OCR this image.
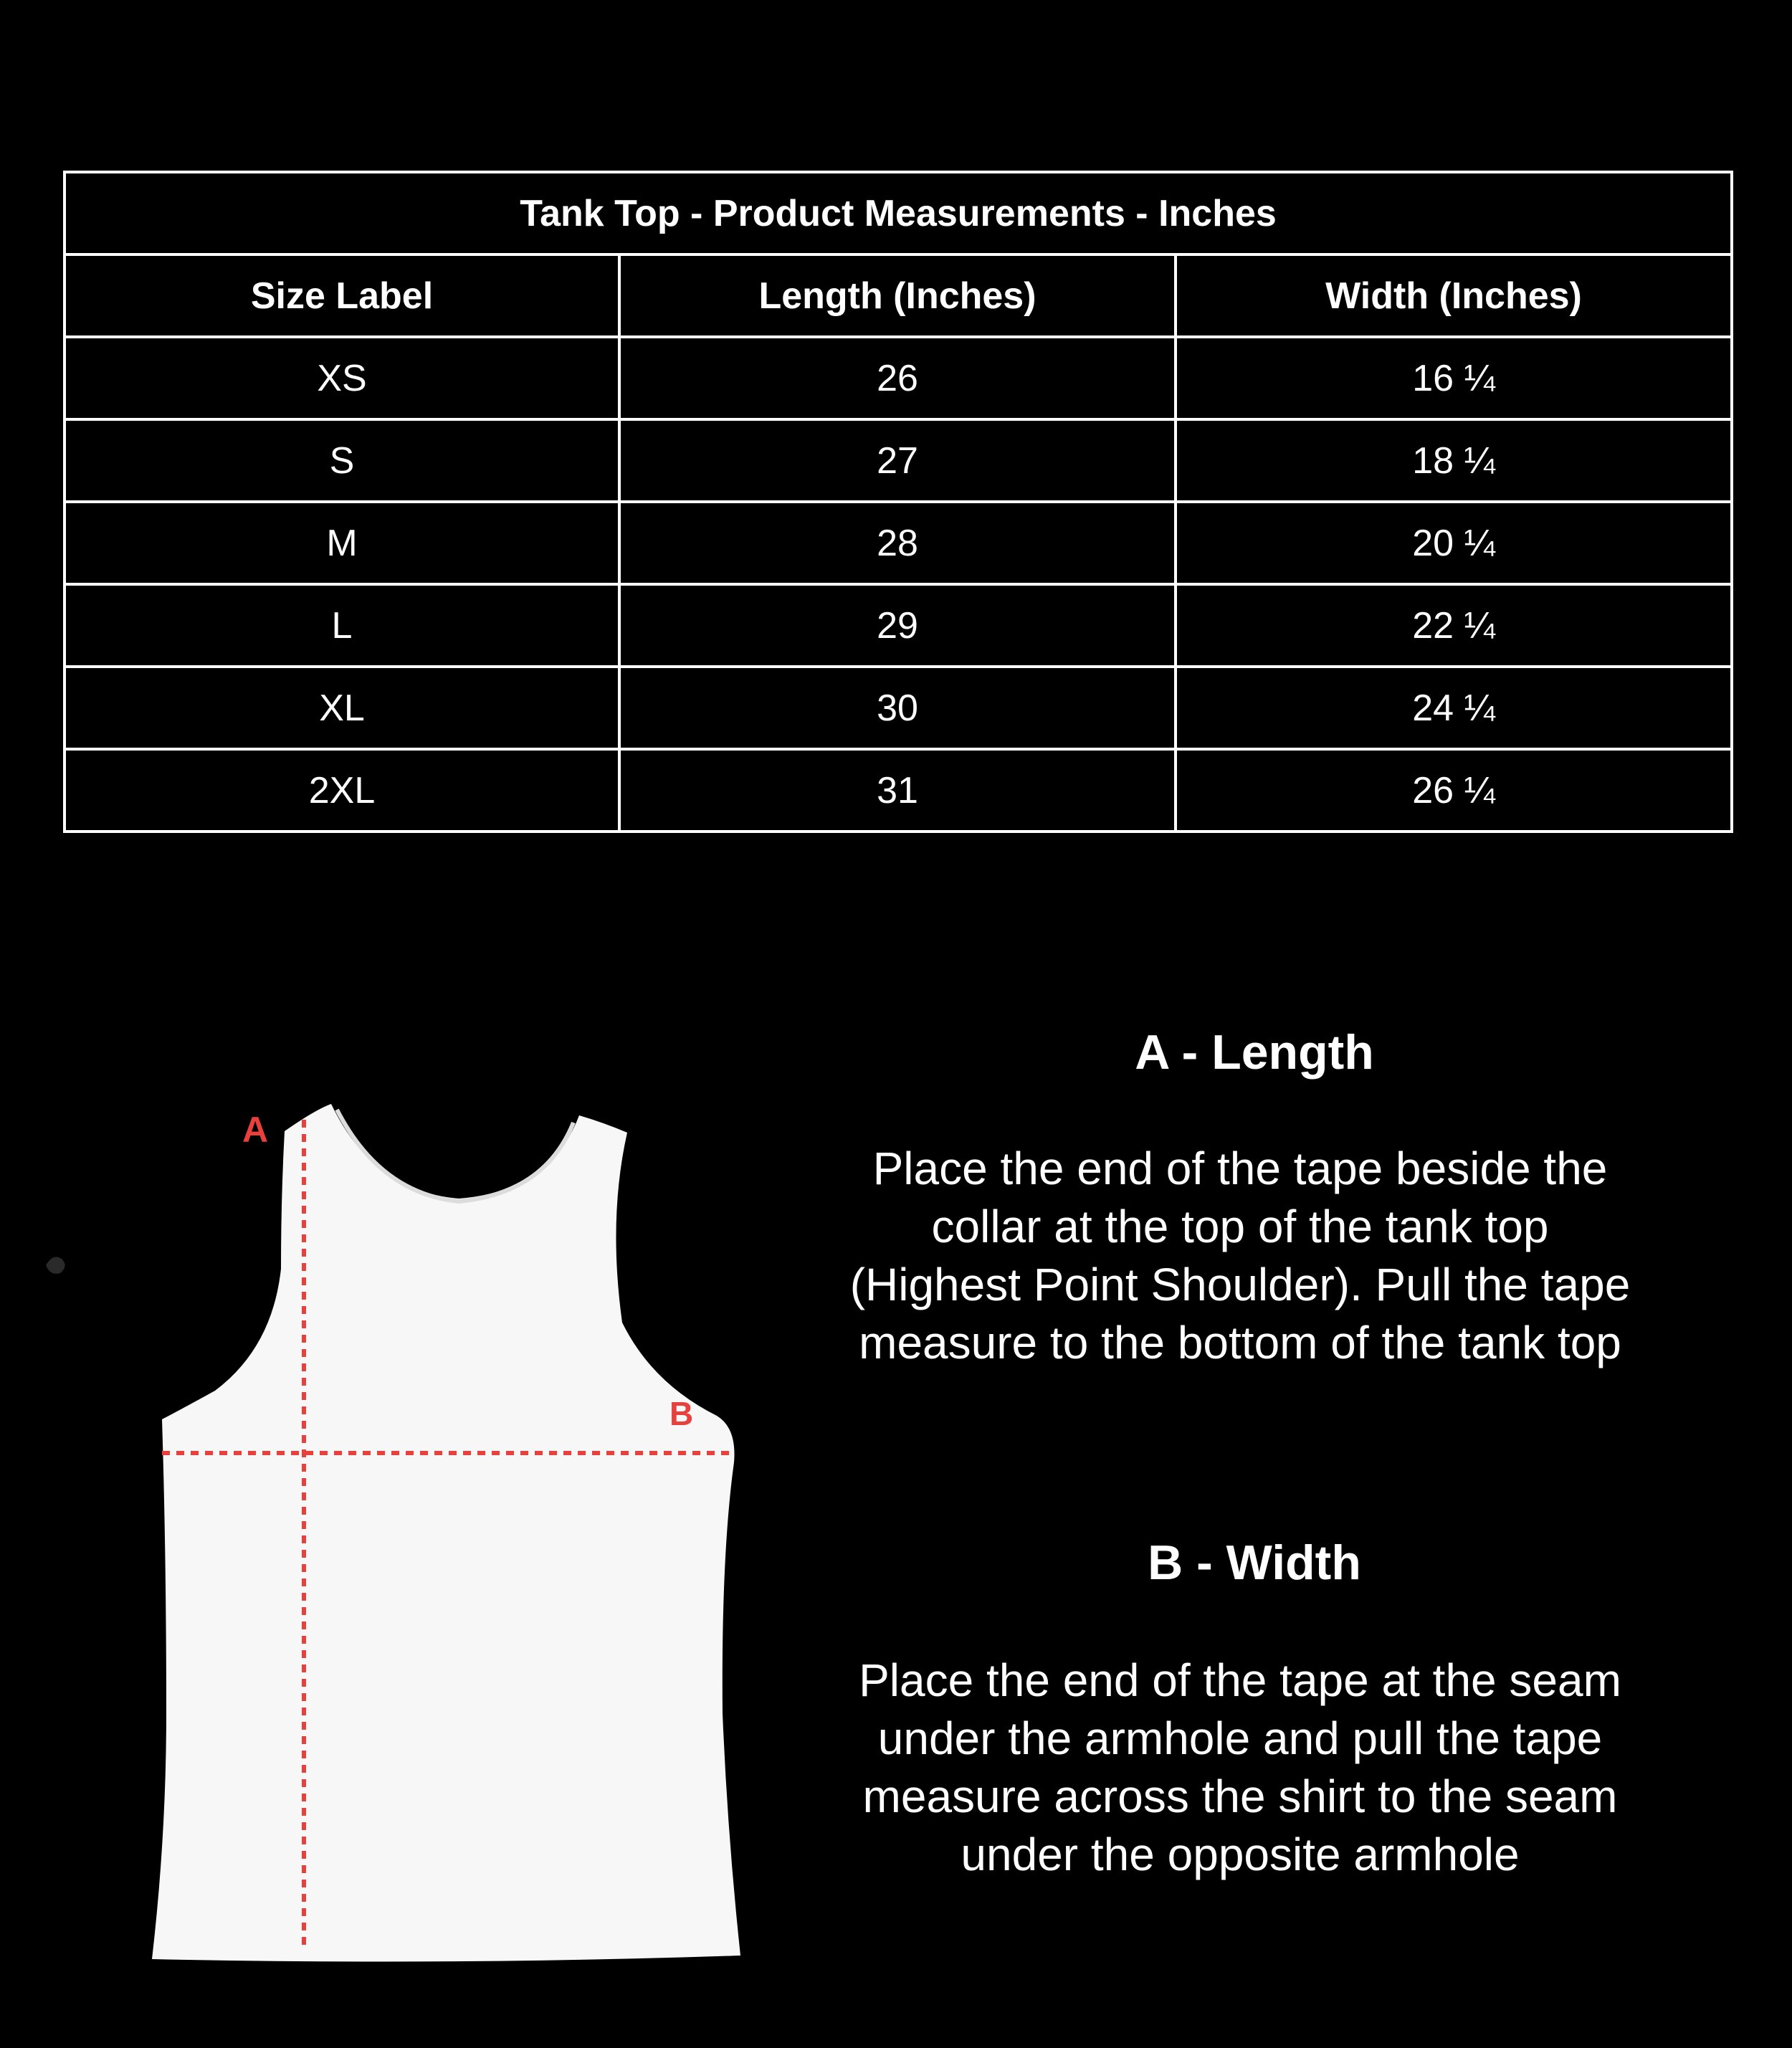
Tank Top - Product Measurements - Inches		
Size Label	Length (Inches)	Width (Inches)
XS	26	16 ¼
S	27	18 ¼
M	28	20 ¼
L	29	22 ¼
XL	30	24 ¼
2XL	31	26 ¼
A
B
A - Length
Place the end of the tape beside the
collar at the top of the tank top
(Highest Point Shoulder). Pull the tape
measure to the bottom of the tank top
B - Width
Place the end of the tape at the seam
under the armhole and pull the tape
measure across the shirt to the seam
under the opposite armhole
